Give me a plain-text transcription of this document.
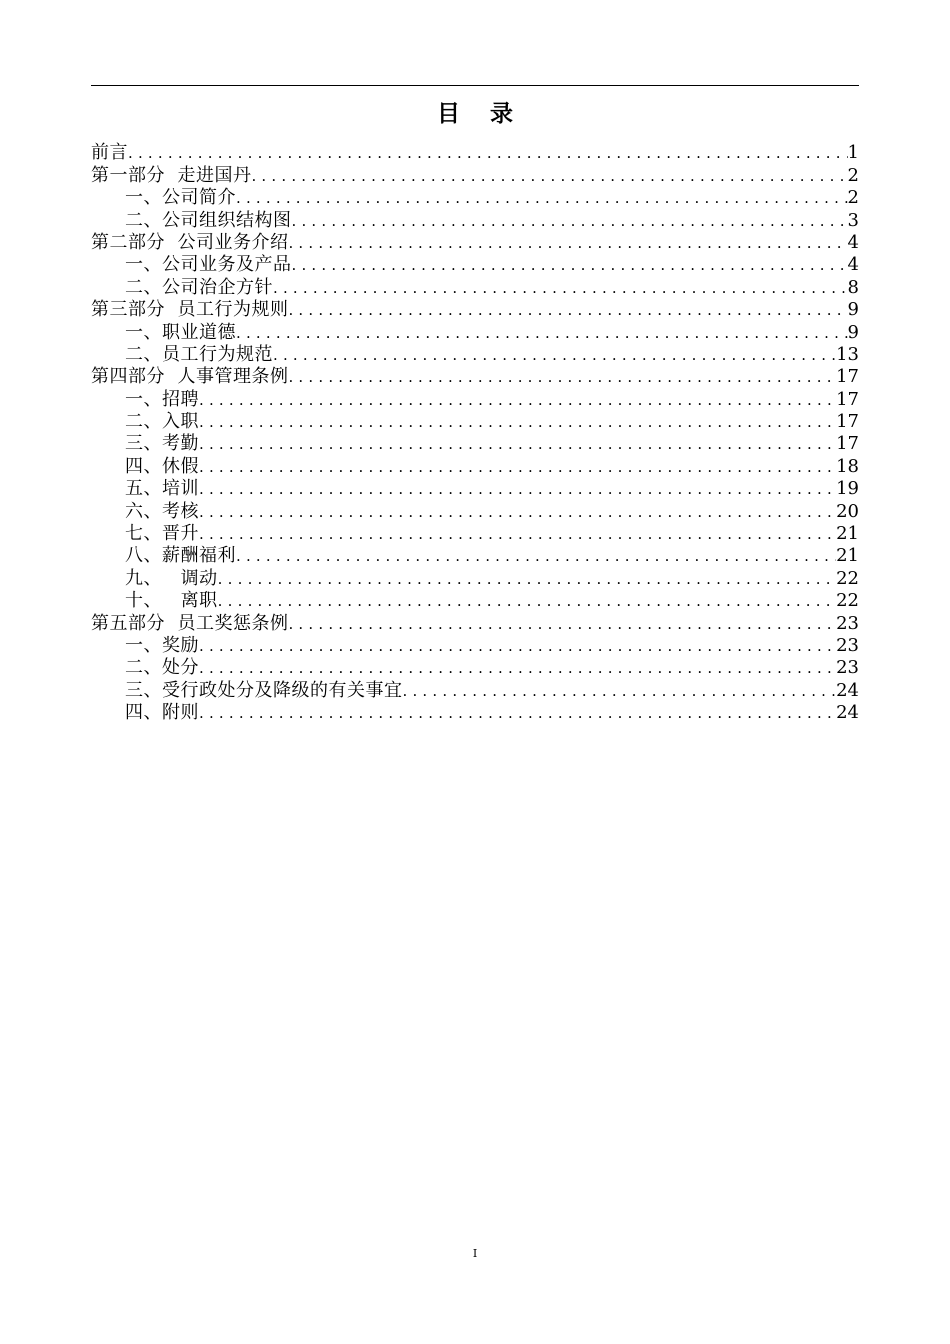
目 录
前言 .....	1
第一部分  走进国丹 .....	2
一、公司简介 .....	2
二、公司组织结构图 .....	3
第二部分  公司业务介绍 .....	4
一、公司业务及产品 .....	4
二、公司治企方针 .....	8
第三部分  员工行为规则 .....	9
一、职业道德 .....	9
二、员工行为规范 .....	13
第四部分  人事管理条例 .....	17
一、招聘 .....	17
二、入职 .....	17
三、考勤 .....	17
四、休假 .....	18
五、培训 .....	19
六、考核 .....	20
七、晋升 .....	21
八、薪酬福利 .....	21
九、   调动 .....	22
十、   离职 .....	22
第五部分  员工奖惩条例 .....	23
一、奖励 .....	23
二、处分 .....	23
三、受行政处分及降级的有关事宜 .....	24
四、附则 .....	24
I
